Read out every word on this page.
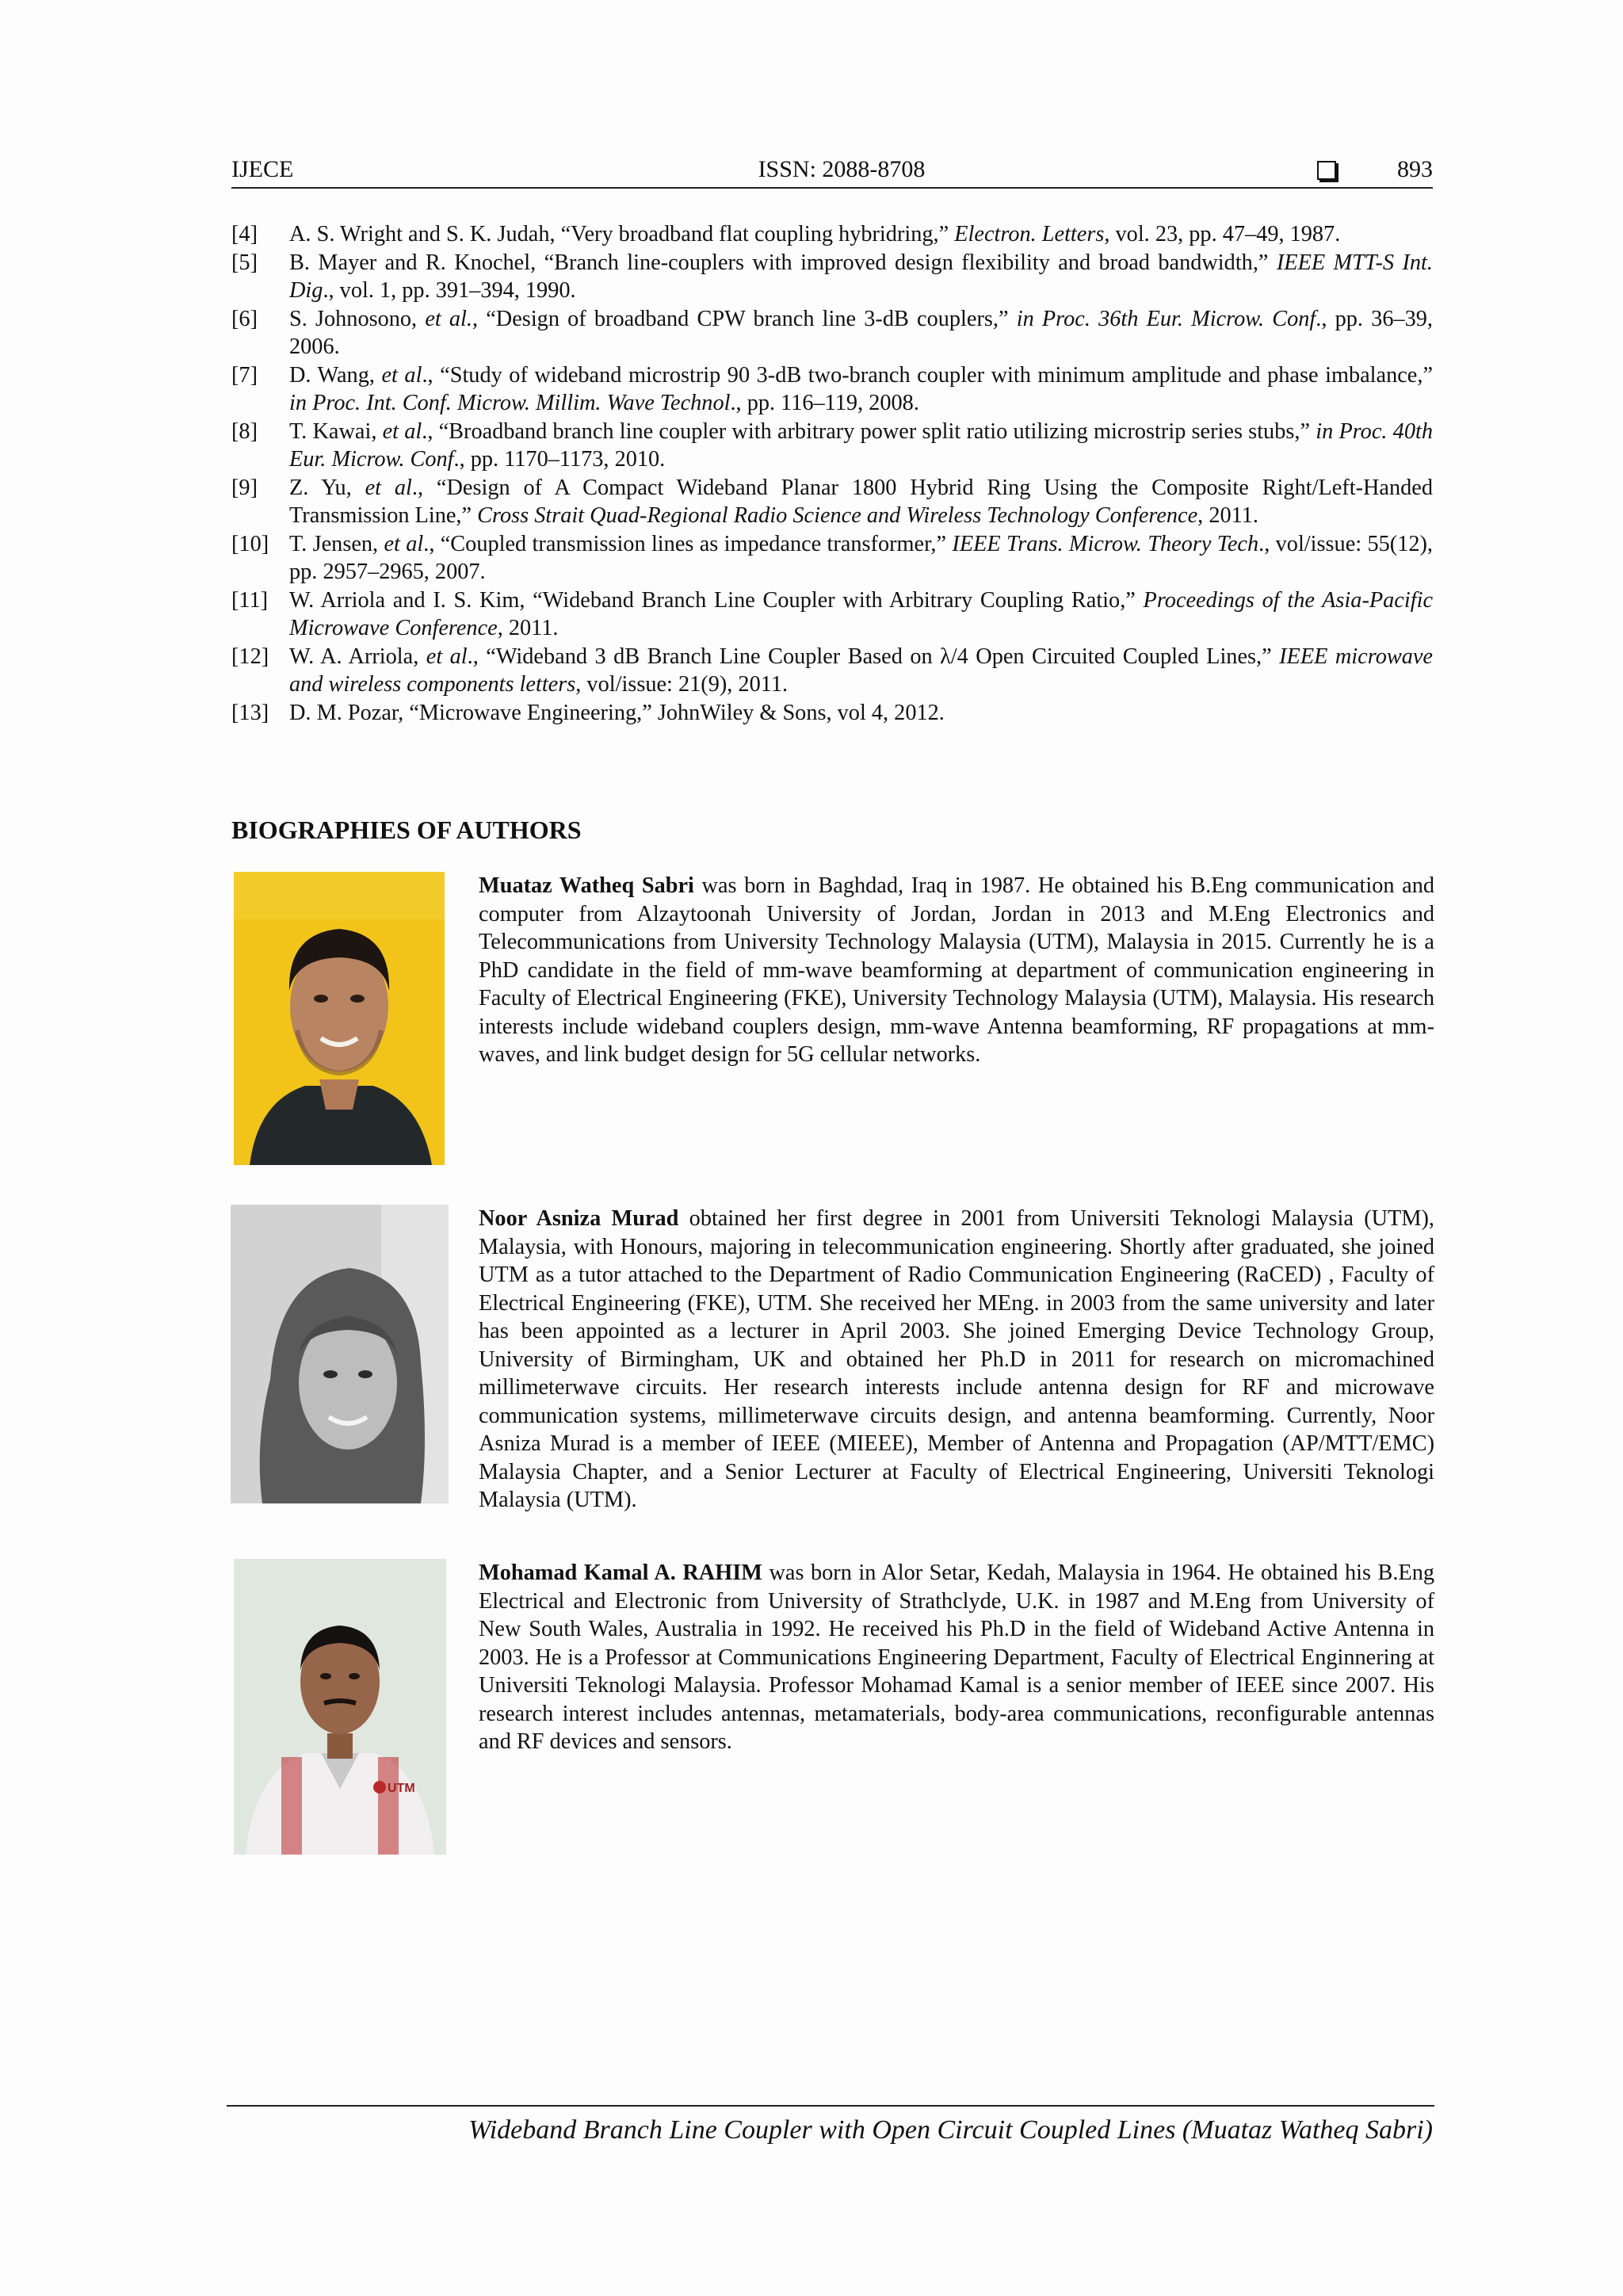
IJECE	ISSN: 2088-8708	893
[4] A. S. Wright and S. K. Judah, “Very broadband flat coupling hybridring,” Electron. Letters, vol. 23, pp. 47–49, 1987.
[5] B. Mayer and R. Knochel, “Branch line-couplers with improved design flexibility and broad bandwidth,” IEEE MTT-S Int. Dig., vol. 1, pp. 391–394, 1990.
[6] S. Johnosono, et al., “Design of broadband CPW branch line 3-dB couplers,” in Proc. 36th Eur. Microw. Conf., pp. 36–39, 2006.
[7] D. Wang, et al., “Study of wideband microstrip 90 3-dB two-branch coupler with minimum amplitude and phase imbalance,” in Proc. Int. Conf. Microw. Millim. Wave Technol., pp. 116–119, 2008.
[8] T. Kawai, et al., “Broadband branch line coupler with arbitrary power split ratio utilizing microstrip series stubs,” in Proc. 40th Eur. Microw. Conf., pp. 1170–1173, 2010.
[9] Z. Yu, et al., “Design of A Compact Wideband Planar 1800 Hybrid Ring Using the Composite Right/Left-Handed Transmission Line,” Cross Strait Quad-Regional Radio Science and Wireless Technology Conference, 2011.
[10] T. Jensen, et al., “Coupled transmission lines as impedance transformer,” IEEE Trans. Microw. Theory Tech., vol/issue: 55(12), pp. 2957–2965, 2007.
[11] W. Arriola and I. S. Kim, “Wideband Branch Line Coupler with Arbitrary Coupling Ratio,” Proceedings of the Asia-Pacific Microwave Conference, 2011.
[12] W. A. Arriola, et al., “Wideband 3 dB Branch Line Coupler Based on λ/4 Open Circuited Coupled Lines,” IEEE microwave and wireless components letters, vol/issue: 21(9), 2011.
[13] D. M. Pozar, “Microwave Engineering,” JohnWiley & Sons, vol 4, 2012.
BIOGRAPHIES OF AUTHORS
Muataz Watheq Sabri was born in Baghdad, Iraq in 1987. He obtained his B.Eng communication and computer from Alzaytoonah University of Jordan, Jordan in 2013 and M.Eng Electronics and Telecommunications from University Technology Malaysia (UTM), Malaysia in 2015. Currently he is a PhD candidate in the field of mm-wave beamforming at department of communication engineering in Faculty of Electrical Engineering (FKE), University Technology Malaysia (UTM), Malaysia. His research interests include wideband couplers design, mm-wave Antenna beamforming, RF propagations at mm-waves, and link budget design for 5G cellular networks.
Noor Asniza Murad obtained her first degree in 2001 from Universiti Teknologi Malaysia (UTM), Malaysia, with Honours, majoring in telecommunication engineering. Shortly after graduated, she joined UTM as a tutor attached to the Department of Radio Communication Engineering (RaCED) , Faculty of Electrical Engineering (FKE), UTM. She received her MEng. in 2003 from the same university and later has been appointed as a lecturer in April 2003. She joined Emerging Device Technology Group, University of Birmingham, UK and obtained her Ph.D in 2011 for research on micromachined millimeterwave circuits. Her research interests include antenna design for RF and microwave communication systems, millimeterwave circuits design, and antenna beamforming. Currently, Noor Asniza Murad is a member of IEEE (MIEEE), Member of Antenna and Propagation (AP/MTT/EMC) Malaysia Chapter, and a Senior Lecturer at Faculty of Electrical Engineering, Universiti Teknologi Malaysia (UTM).
UTM
Mohamad Kamal A. RAHIM was born in Alor Setar, Kedah, Malaysia in 1964. He obtained his B.Eng Electrical and Electronic from University of Strathclyde, U.K. in 1987 and M.Eng from University of New South Wales, Australia in 1992. He received his Ph.D in the field of Wideband Active Antenna in 2003. He is a Professor at Communications Engineering Department, Faculty of Electrical Enginnering at Universiti Teknologi Malaysia. Professor Mohamad Kamal is a senior member of IEEE since 2007. His research interest includes antennas, metamaterials, body-area communications, reconfigurable antennas and RF devices and sensors.
Wideband Branch Line Coupler with Open Circuit Coupled Lines (Muataz Watheq Sabri)
